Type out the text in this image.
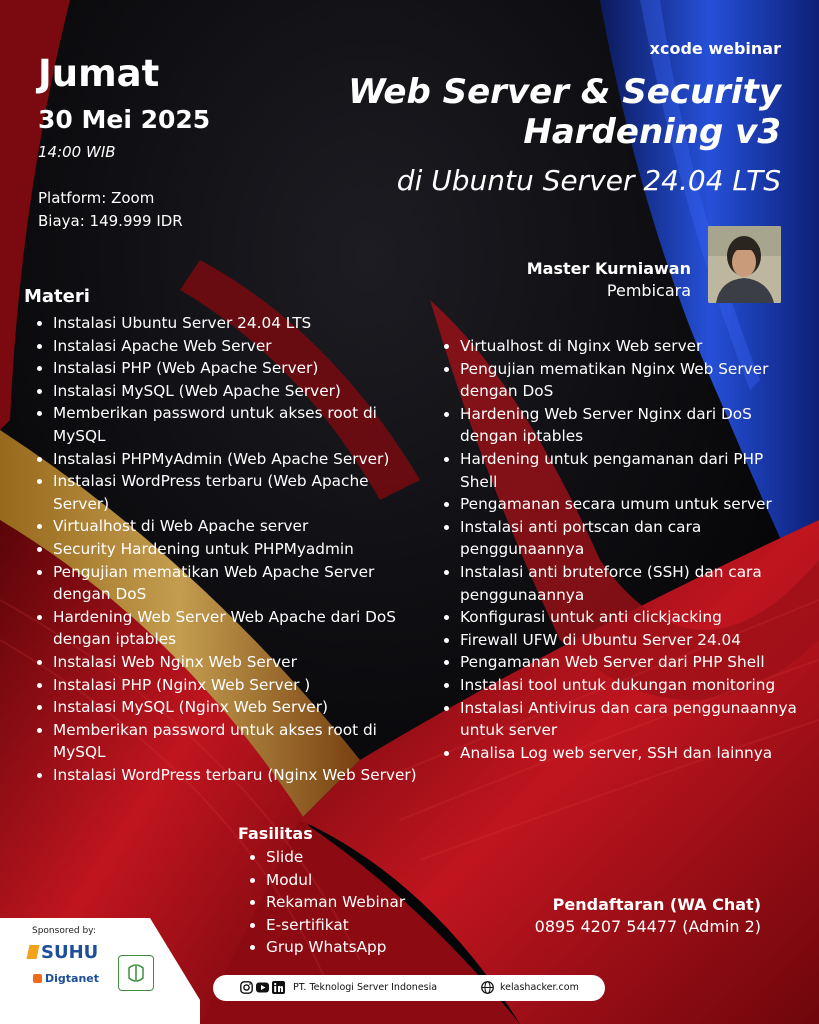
Jumat
30 Mei 2025
14:00 WIB
Platform: Zoom
Biaya: 149.999 IDR
xcode webinar
Web Server & Security
Hardening v3
di Ubuntu Server 24.04 LTS
Master Kurniawan
Pembicara
Materi
Instalasi Ubuntu Server 24.04 LTS
Instalasi Apache Web Server
Instalasi PHP (Web Apache Server)
Instalasi MySQL (Web Apache Server)
Memberikan password untuk akses root di MySQL
Instalasi PHPMyAdmin (Web Apache Server)
Instalasi WordPress terbaru (Web Apache Server)
Virtualhost di Web Apache server
Security Hardening untuk PHPMyadmin
Pengujian mematikan Web Apache Server dengan DoS
Hardening Web Server Web Apache dari DoS dengan iptables
Instalasi Web Nginx Web Server
Instalasi PHP (Nginx Web Server )
Instalasi MySQL (Nginx Web Server)
Memberikan password untuk akses root di MySQL
Instalasi WordPress terbaru (Nginx Web Server)
Virtualhost di Nginx Web server
Pengujian mematikan Nginx Web Server dengan DoS
Hardening Web Server Nginx dari DoS dengan iptables
Hardening untuk pengamanan dari PHP Shell
Pengamanan secara umum untuk server
Instalasi anti portscan dan cara penggunaannya
Instalasi anti bruteforce (SSH) dan cara penggunaannya
Konfigurasi untuk anti clickjacking
Firewall UFW di Ubuntu Server 24.04
Pengamanan Web Server dari PHP Shell
Instalasi tool untuk dukungan monitoring
Instalasi Antivirus dan cara penggunaannya untuk server
Analisa Log web server, SSH dan lainnya
Fasilitas
Slide
Modul
Rekaman Webinar
E-sertifikat
Grup WhatsApp
Pendaftaran (WA Chat)
0895 4207 54477 (Admin 2)
Sponsored by:
SUHU
Digtanet
PT. Teknologi Server Indonesia	kelashacker.com
